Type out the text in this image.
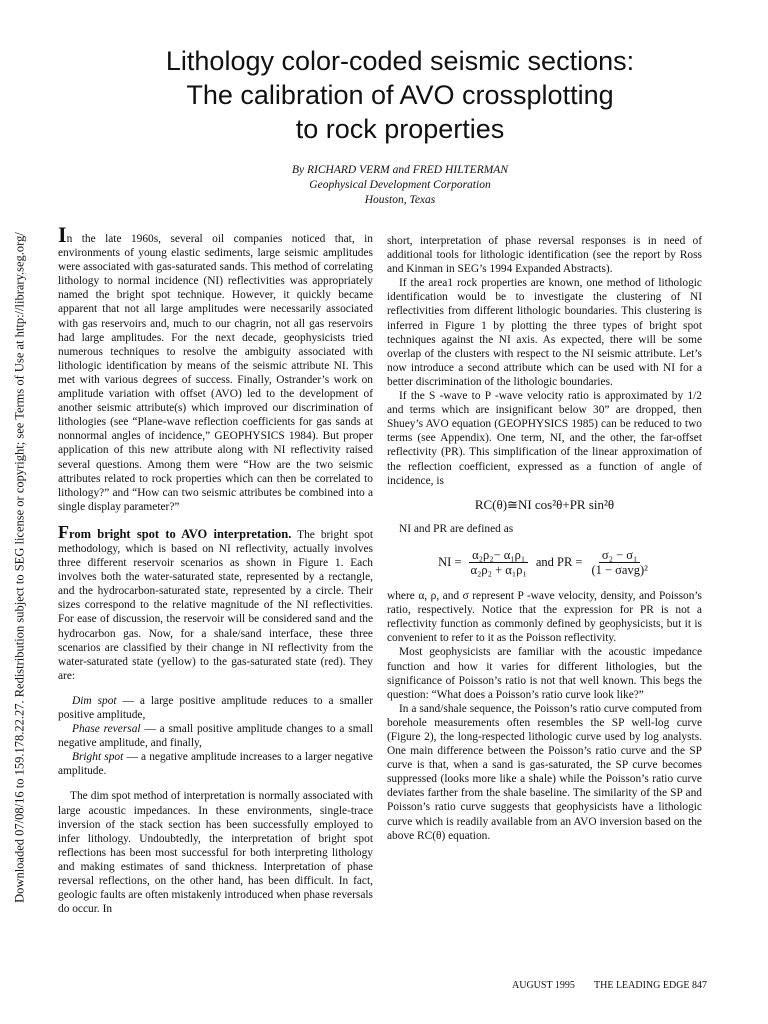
Downloaded 07/08/16 to 159.178.22.27. Redistribution subject to SEG license or copyright; see Terms of Use at http://library.seg.org/
Lithology color-coded seismic sections:
The calibration of AVO crossplotting
to rock properties
By RICHARD VERM and FRED HILTERMAN
Geophysical Development Corporation
Houston, Texas

In the late 1960s, several oil companies noticed that, in environments of young elastic sediments, large seismic amplitudes were associated with gas-saturated sands. This method of correlating lithology to normal incidence (NI) reflectivities was appropriately named the bright spot technique. However, it quickly became apparent that not all large amplitudes were necessarily associated with gas reservoirs and, much to our chagrin, not all gas reservoirs had large amplitudes. For the next decade, geophysicists tried numerous techniques to resolve the ambiguity associated with lithologic identification by means of the seismic attribute NI. This met with various degrees of success. Finally, Ostrander’s work on amplitude variation with offset (AVO) led to the development of another seismic attribute(s) which improved our discrimination of lithologies (see “Plane-wave reflection coefficients for gas sands at nonnormal angles of incidence,” GEOPHYSICS 1984). But proper application of this new attribute along with NI reflectivity raised several questions. Among them were “How are the two seismic attributes related to rock properties which can then be correlated to lithology?” and “How can two seismic attributes be combined into a single display parameter?”

From bright spot to AVO interpretation. The bright spot methodology, which is based on NI reflectivity, actually involves three different reservoir scenarios as shown in Figure 1. Each involves both the water-saturated state, represented by a rectangle, and the hydrocarbon-saturated state, represented by a circle. Their sizes correspond to the relative magnitude of the NI reflectivities. For ease of discussion, the reservoir will be considered sand and the hydrocarbon gas. Now, for a shale/sand interface, these three scenarios are classified by their change in NI reflectivity from the water-saturated state (yellow) to the gas-saturated state (red). They are:

Dim spot — a large positive amplitude reduces to a smaller positive amplitude,

Phase reversal — a small positive amplitude changes to a small negative amplitude, and finally,

Bright spot — a negative amplitude increases to a larger negative amplitude.

The dim spot method of interpretation is normally associated with large acoustic impedances. In these environments, single-trace inversion of the stack section has been successfully employed to infer lithology. Undoubtedly, the interpretation of bright spot reflections has been most successful for both interpreting lithology and making estimates of sand thickness. Interpretation of phase reversal reflections, on the other hand, has been difficult. In fact, geologic faults are often mistakenly introduced when phase reversals do occur. In

short, interpretation of phase reversal responses is in need of additional tools for lithologic identification (see the report by Ross and Kinman in SEG’s 1994 Expanded Abstracts).

If the area1 rock properties are known, one method of lithologic identification would be to investigate the clustering of NI reflectivities from different lithologic boundaries. This clustering is inferred in Figure 1 by plotting the three types of bright spot techniques against the NI axis. As expected, there will be some overlap of the clusters with respect to the NI seismic attribute. Let’s now introduce a second attribute which can be used with NI for a better discrimination of the lithologic boundaries.

If the S -wave to P -wave velocity ratio is approximated by 1/2 and terms which are insignificant below 30” are dropped, then Shuey’s AVO equation (GEOPHYSICS 1985) can be reduced to two terms (see Appendix). One term, NI, and the other, the far-offset reflectivity (PR). This simplification of the linear approximation of the reflection coefficient, expressed as a function of angle of incidence, is

RC(θ)≅NI cos²θ+PR sin²θ

NI and PR are defined as

NI = $\frac{\text{α₂ρ₂− α₁ρ₁}}{\text{α₂ρ₂ + α₁ρ₁}}$ and PR = $\frac{\text{σ₂ − σ₁}}{\text{(1 − σavg)²}}$

where α, ρ, and σ represent P -wave velocity, density, and Poisson’s ratio, respectively. Notice that the expression for PR is not a reflectivity function as commonly defined by geophysicists, but it is convenient to refer to it as the Poisson reflectivity.

Most geophysicists are familiar with the acoustic impedance function and how it varies for different lithologies, but the significance of Poisson’s ratio is not that well known. This begs the question: “What does a Poisson’s ratio curve look like?”

In a sand/shale sequence, the Poisson’s ratio curve computed from borehole measurements often resembles the SP well-log curve (Figure 2), the long-respected lithologic curve used by log analysts. One main difference between the Poisson’s ratio curve and the SP curve is that, when a sand is gas-saturated, the SP curve becomes suppressed (looks more like a shale) while the Poisson’s ratio curve deviates farther from the shale baseline. The similarity of the SP and Poisson’s ratio curve suggests that geophysicists have a lithologic curve which is readily available from an AVO inversion based on the above RC(θ) equation.

AUGUST 1995 THE LEADING EDGE 847
